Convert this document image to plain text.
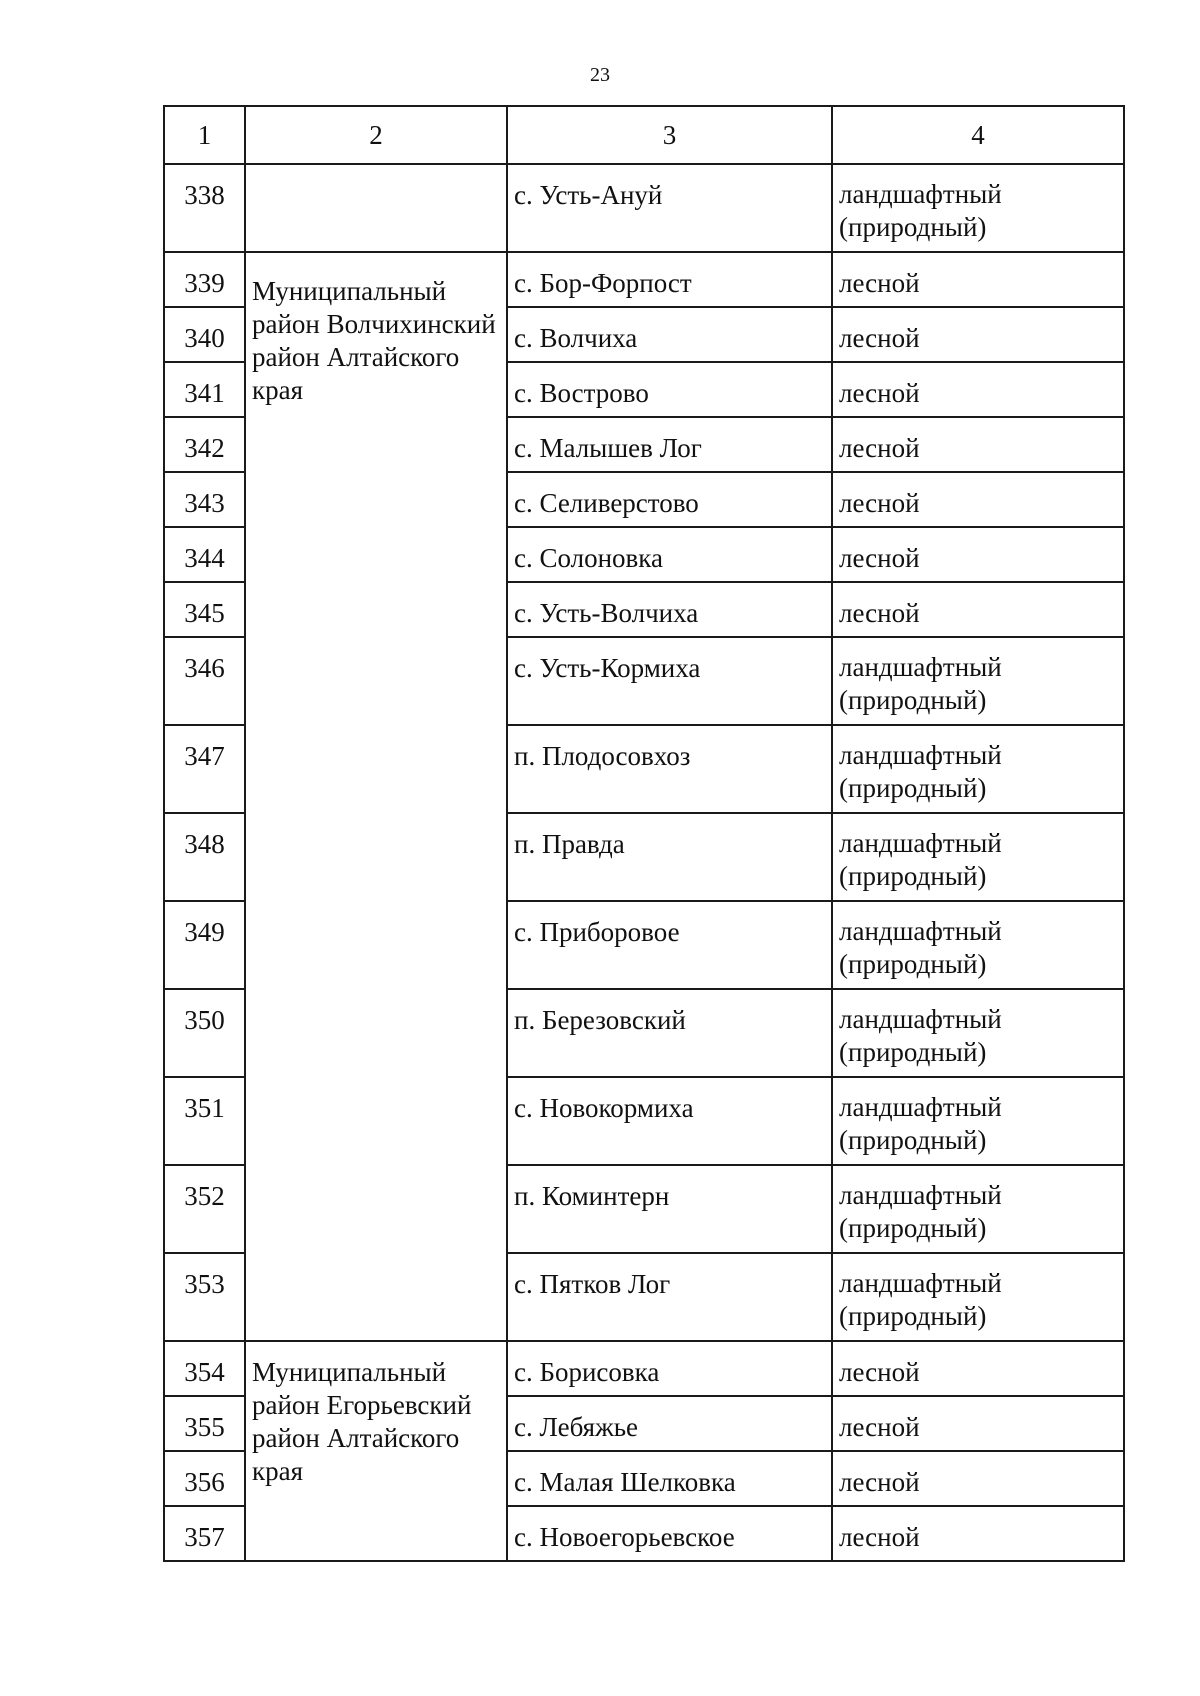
23
1	2	3	4
338		с. Усть-Ануй	ландшафтный (природный)
339	Муниципальный район Волчихинский район Алтайского края	с. Бор-Форпост	лесной
340		с. Волчиха	лесной
341		с. Вострово	лесной
342		с. Малышев Лог	лесной
343		с. Селиверстово	лесной
344		с. Солоновка	лесной
345		с. Усть-Волчиха	лесной
346		с. Усть-Кормиха	ландшафтный (природный)
347		п. Плодосовхоз	ландшафтный (природный)
348		п. Правда	ландшафтный (природный)
349		с. Приборовое	ландшафтный (природный)
350		п. Березовский	ландшафтный (природный)
351		с. Новокормиха	ландшафтный (природный)
352		п. Коминтерн	ландшафтный (природный)
353		с. Пятков Лог	ландшафтный (природный)
354	Муниципальный район Егорьевский район Алтайского края	с. Борисовка	лесной
355		с. Лебяжье	лесной
356		с. Малая Шелковка	лесной
357		с. Новоегорьевское	лесной
